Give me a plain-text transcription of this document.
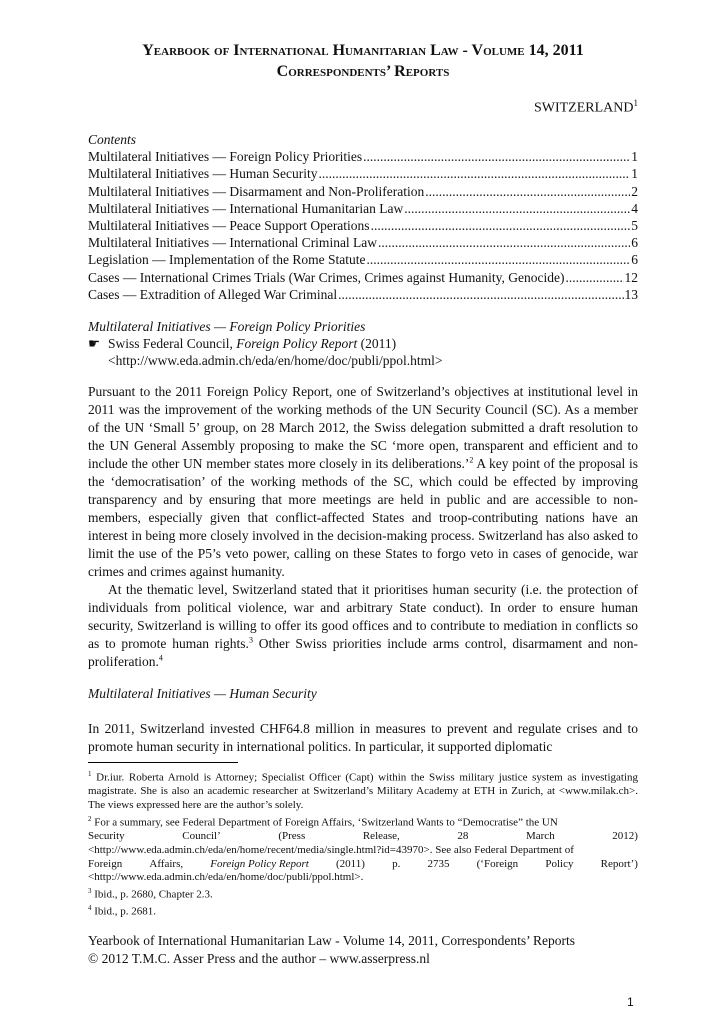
Yearbook of International Humanitarian Law - Volume 14, 2011
Correspondents’ Reports
SWITZERLAND$^1$
Contents
Multilateral Initiatives — Foreign Policy Priorities .....	1
Multilateral Initiatives — Human Security .....	1
Multilateral Initiatives — Disarmament and Non-Proliferation .....	2
Multilateral Initiatives — International Humanitarian Law .....	4
Multilateral Initiatives — Peace Support Operations .....	5
Multilateral Initiatives — International Criminal Law .....	6
Legislation — Implementation of the Rome Statute .....	6
Cases — International Crimes Trials (War Crimes, Crimes against Humanity, Genocide) .....	12
Cases — Extradition of Alleged War Criminal .....	13
Multilateral Initiatives — Foreign Policy Priorities
☛ Swiss Federal Council, Foreign Policy Report (2011)
<http://www.eda.admin.ch/eda/en/home/doc/publi/ppol.html>

Pursuant to the 2011 Foreign Policy Report, one of Switzerland’s objectives at institutional level in 2011 was the improvement of the working methods of the UN Security Council (SC). As a member of the UN ‘Small 5’ group, on 28 March 2012, the Swiss delegation submitted a draft resolution to the UN General Assembly proposing to make the SC ‘more open, transparent and efficient and to include the other UN member states more closely in its deliberations.’$^2$ A key point of the proposal is the ‘democratisation’ of the working methods of the SC, which could be effected by improving transparency and by ensuring that more meetings are held in public and are accessible to non-members, especially given that conflict-affected States and troop-contributing nations have an interest in being more closely involved in the decision-making process. Switzerland has also asked to limit the use of the P5’s veto power, calling on these States to forgo veto in cases of genocide, war crimes and crimes against humanity.

At the thematic level, Switzerland stated that it prioritises human security (i.e. the protection of individuals from political violence, war and arbitrary State conduct). In order to ensure human security, Switzerland is willing to offer its good offices and to contribute to mediation in conflicts so as to promote human rights.$^3$ Other Swiss priorities include arms control, disarmament and non-proliferation.$^4$

Multilateral Initiatives — Human Security
In 2011, Switzerland invested CHF64.8 million in measures to prevent and regulate crises and to promote human security in international politics. In particular, it supported diplomatic
$^1$ Dr.iur. Roberta Arnold is Attorney; Specialist Officer (Capt) within the Swiss military justice system as investigating magistrate. She is also an academic researcher at Switzerland’s Military Academy at ETH in Zurich, at <www.milak.ch>. The views expressed here are the author’s solely.
$^2$ For a summary, see Federal Department of Foreign Affairs, ‘Switzerland Wants to “Democratise” the UN
Security	Council’	(Press	Release,	28	March	2012)
<http://www.eda.admin.ch/eda/en/home/recent/media/single.html?id=43970>. See also Federal Department of
Foreign Affairs, Foreign Policy Report (2011) p. 2735 (‘Foreign Policy Report’)
<http://www.eda.admin.ch/eda/en/home/doc/publi/ppol.html>.
$^3$ Ibid., p. 2680, Chapter 2.3.
$^4$ Ibid., p. 2681.
Yearbook of International Humanitarian Law - Volume 14, 2011, Correspondents’ Reports
© 2012 T.M.C. Asser Press and the author – www.asserpress.nl
1
